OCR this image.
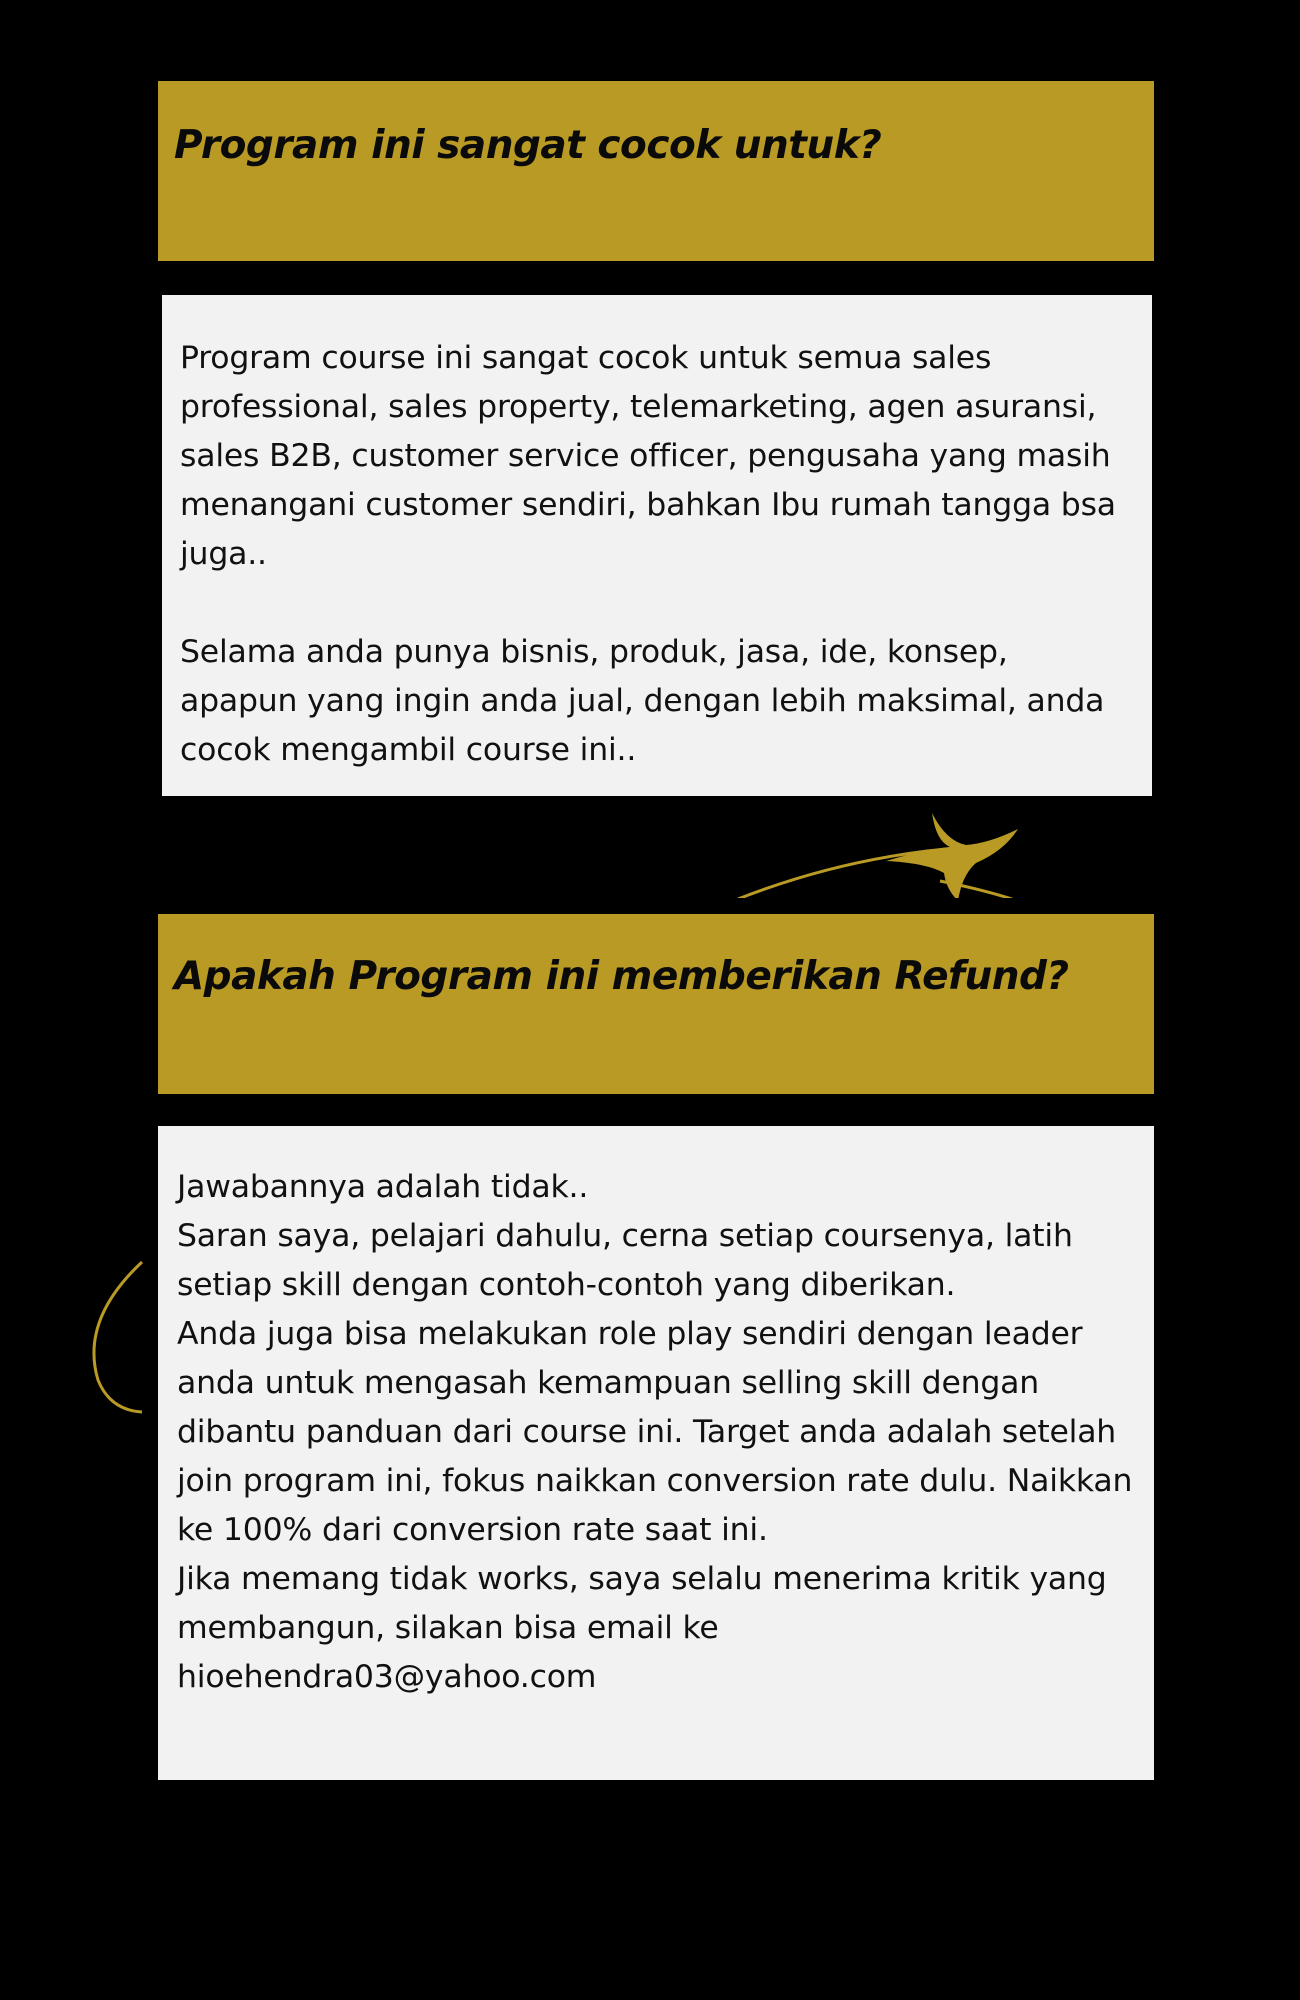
Program ini sangat cocok untuk?

Program course ini sangat cocok untuk semua sales professional, sales property, telemarketing, agen asuransi, sales B2B, customer service officer, pengusaha yang masih menangani customer sendiri, bahkan Ibu rumah tangga bsa juga..

Selama anda punya bisnis, produk, jasa, ide, konsep, apapun yang ingin anda jual, dengan lebih maksimal, anda cocok mengambil course ini..

Apakah Program ini memberikan Refund?

Jawabannya adalah tidak..

Saran saya, pelajari dahulu, cerna setiap coursenya, latih setiap skill dengan contoh-contoh yang diberikan.

Anda juga bisa melakukan role play sendiri dengan leader anda untuk mengasah kemampuan selling skill dengan dibantu panduan dari course ini. Target anda adalah setelah join program ini, fokus naikkan conversion rate dulu. Naikkan ke 100% dari conversion rate saat ini.

Jika memang tidak works, saya selalu menerima kritik yang membangun, silakan bisa email ke hioehendra03@yahoo.com
